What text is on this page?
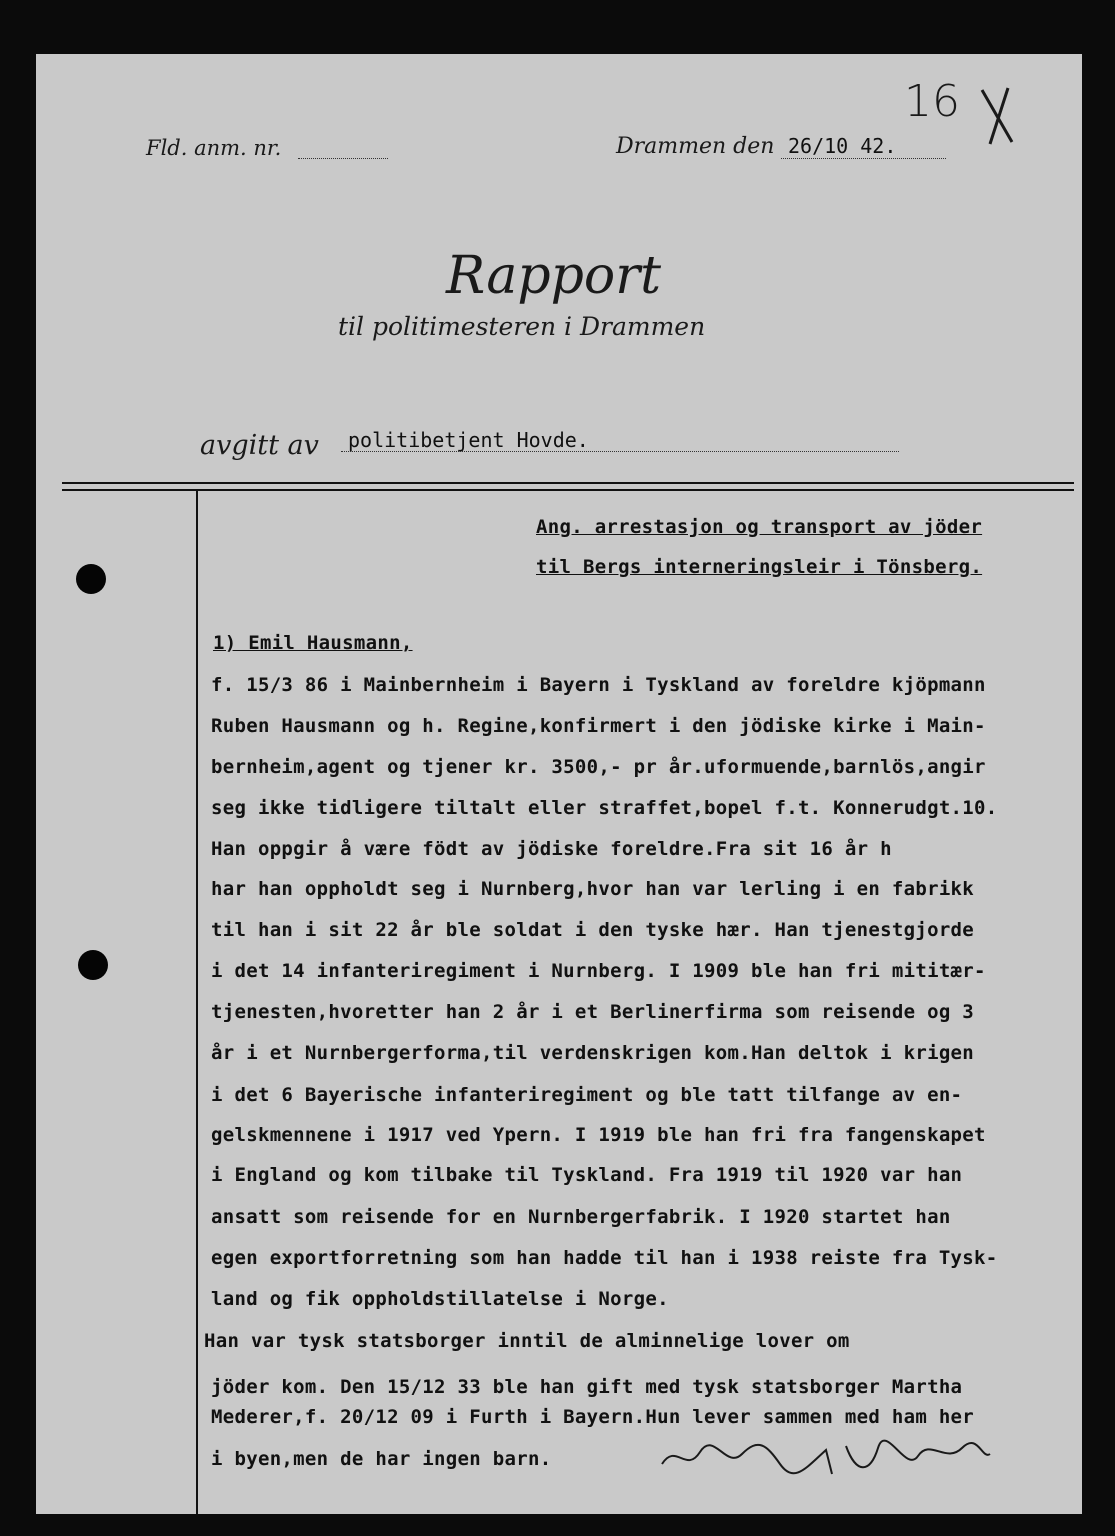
Fld. anm. nr.	Drammen den 26/10 42.
16
Rapport
til politimesteren i Drammen
avgitt av politibetjent Hovde.
Ang. arrestasjon og transport av jöder
til Bergs interneringsleir i Tönsberg.
1) Emil Hausmann,
f. 15/3 86 i Mainbernheim i Bayern i Tyskland av foreldre kjöpmann
Ruben Hausmann og h. Regine,konfirmert i den jödiske kirke i Main-
bernheim,agent og tjener kr. 3500,- pr år.uformuende,barnlös,angir
seg ikke tidligere tiltalt eller straffet,bopel f.t. Konnerudgt.10.
Han oppgir å være födt av jödiske foreldre.Fra sit 16 år h
har han oppholdt seg i Nurnberg,hvor han var lerling i en fabrikk
til han i sit 22 år ble soldat i den tyske hær. Han tjenestgjorde
i det 14 infanteriregiment i Nurnberg. I 1909 ble han fri mititær-
tjenesten,hvoretter han 2 år i et Berlinerfirma som reisende og 3
år i et Nurnbergerforma,til verdenskrigen kom.Han deltok i krigen
i det 6 Bayerische infanteriregiment og ble tatt tilfange av en-
gelskmennene i 1917 ved Ypern. I 1919 ble han fri fra fangenskapet
i England og kom tilbake til Tyskland. Fra 1919 til 1920 var han
ansatt som reisende for en Nurnbergerfabrik. I 1920 startet han
egen exportforretning som han hadde til han i 1938 reiste fra Tysk-
land og fik oppholdstillatelse i Norge.
Han var tysk statsborger inntil de alminnelige lover om
jöder kom. Den 15/12 33 ble han gift med tysk statsborger Martha
Mederer,f. 20/12 09 i Furth i Bayern.Hun lever sammen med ham her
i byen,men de har ingen barn.
